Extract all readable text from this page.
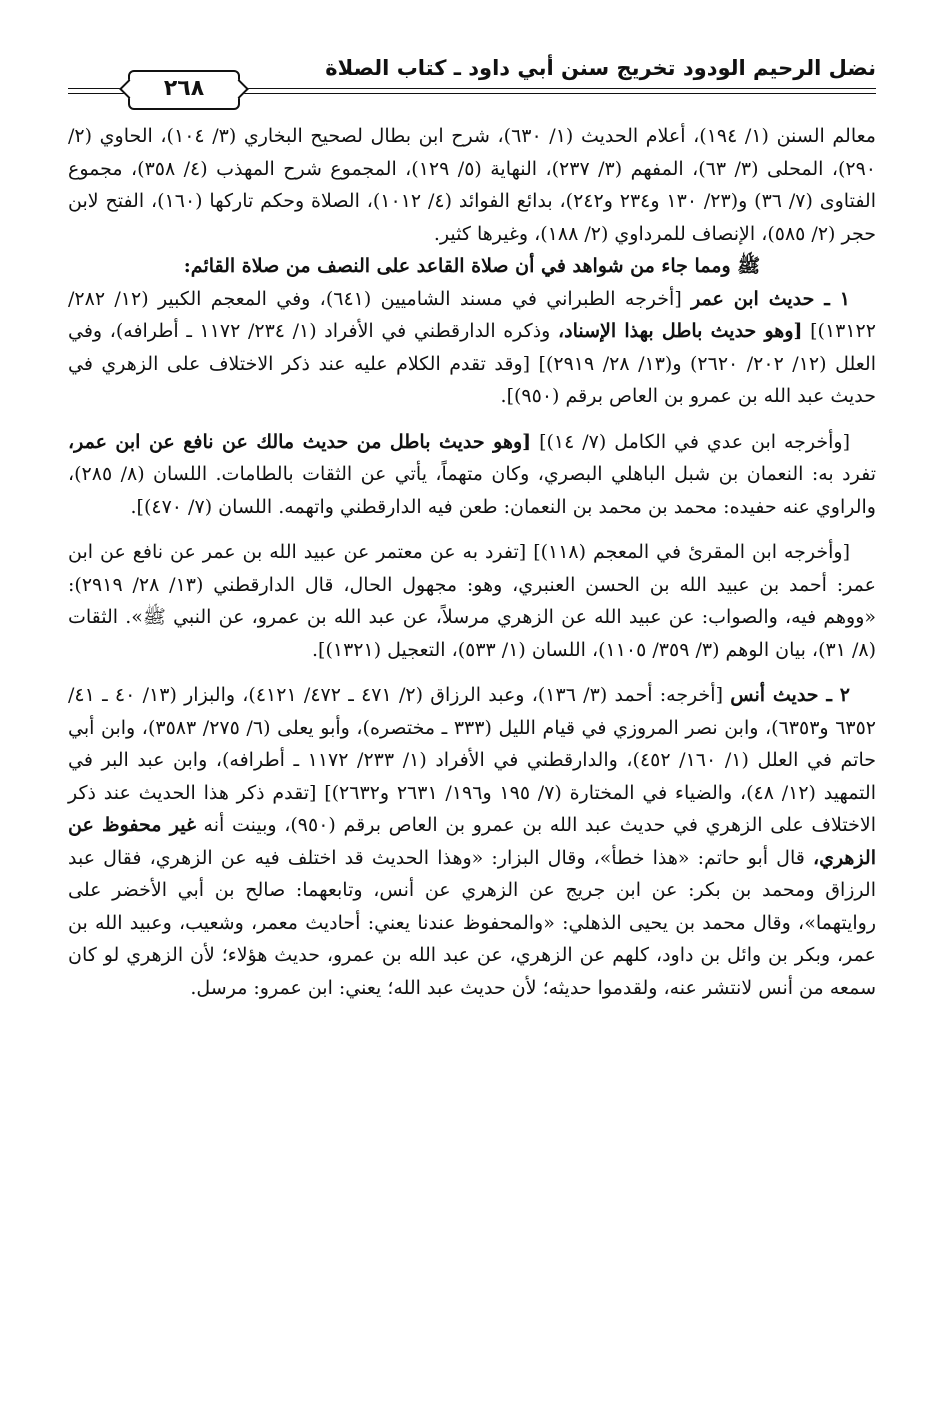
نضل الرحيم الودود تخريج سنن أبي داود ـ كتاب الصلاة
٢٦٨

معالم السنن (١/ ١٩٤)، أعلام الحديث (١/ ٦٣٠)، شرح ابن بطال لصحيح البخاري (٣/ ١٠٤)، الحاوي (٢/ ٢٩٠)، المحلى (٣/ ٦٣)، المفهم (٣/ ٢٣٧)، النهاية (٥/ ١٢٩)، المجموع شرح المهذب (٤/ ٣٥٨)، مجموع الفتاوى (٧/ ٣٦) و(٢٣/ ١٣٠ و٢٣٤ و٢٤٢)، بدائع الفوائد (٤/ ١٠١٢)، الصلاة وحكم تاركها (١٦٠)، الفتح لابن حجر (٢/ ٥٨٥)، الإنصاف للمرداوي (٢/ ١٨٨)، وغيرها كثير.

ﷺ ومما جاء من شواهد في أن صلاة القاعد على النصف من صلاة القائم:

١ ـ حديث ابن عمر [أخرجه الطبراني في مسند الشاميين (٦٤١)، وفي المعجم الكبير (١٢/ ٢٨٢/ ١٣١٢٢)] [وهو حديث باطل بهذا الإسناد، وذكره الدارقطني في الأفراد (١/ ٢٣٤/ ١١٧٢ ـ أطرافه)، وفي العلل (١٢/ ٢٠٢/ ٢٦٢٠) و(١٣/ ٢٨/ ٢٩١٩)] [وقد تقدم الكلام عليه عند ذكر الاختلاف على الزهري في حديث عبد الله بن عمرو بن العاص برقم (٩٥٠)].

[وأخرجه ابن عدي في الكامل (٧/ ١٤)] [وهو حديث باطل من حديث مالك عن نافع عن ابن عمر، تفرد به: النعمان بن شبل الباهلي البصري، وكان متهماً، يأتي عن الثقات بالطامات. اللسان (٨/ ٢٨٥)، والراوي عنه حفيده: محمد بن محمد بن النعمان: طعن فيه الدارقطني واتهمه. اللسان (٧/ ٤٧٠)].

[وأخرجه ابن المقرئ في المعجم (١١٨)] [تفرد به عن معتمر عن عبيد الله بن عمر عن نافع عن ابن عمر: أحمد بن عبيد الله بن الحسن العنبري، وهو: مجهول الحال، قال الدارقطني (١٣/ ٢٨/ ٢٩١٩): «ووهم فيه، والصواب: عن عبيد الله عن الزهري مرسلاً، عن عبد الله بن عمرو، عن النبي ﷺ». الثقات (٨/ ٣١)، بيان الوهم (٣/ ٣٥٩/ ١١٠٥)، اللسان (١/ ٥٣٣)، التعجيل (١٣٢١)].

٢ ـ حديث أنس [أخرجه: أحمد (٣/ ١٣٦)، وعبد الرزاق (٢/ ٤٧١ ـ ٤٧٢/ ٤١٢١)، والبزار (١٣/ ٤٠ ـ ٤١/ ٦٣٥٢ و٦٣٥٣)، وابن نصر المروزي في قيام الليل (٣٣٣ ـ مختصره)، وأبو يعلى (٦/ ٢٧٥/ ٣٥٨٣)، وابن أبي حاتم في العلل (١/ ١٦٠/ ٤٥٢)، والدارقطني في الأفراد (١/ ٢٣٣/ ١١٧٢ ـ أطرافه)، وابن عبد البر في التمهيد (١٢/ ٤٨)، والضياء في المختارة (٧/ ١٩٥ و١٩٦/ ٢٦٣١ و٢٦٣٢)] [تقدم ذكر هذا الحديث عند ذكر الاختلاف على الزهري في حديث عبد الله بن عمرو بن العاص برقم (٩٥٠)، وبينت أنه غير محفوظ عن الزهري، قال أبو حاتم: «هذا خطأ»، وقال البزار: «وهذا الحديث قد اختلف فيه عن الزهري، فقال عبد الرزاق ومحمد بن بكر: عن ابن جريج عن الزهري عن أنس، وتابعهما: صالح بن أبي الأخضر على روايتهما»، وقال محمد بن يحيى الذهلي: «والمحفوظ عندنا يعني: أحاديث معمر، وشعيب، وعبيد الله بن عمر، وبكر بن وائل بن داود، كلهم عن الزهري، عن عبد الله بن عمرو، حديث هؤلاء؛ لأن الزهري لو كان سمعه من أنس لانتشر عنه، ولقدموا حديثه؛ لأن حديث عبد الله؛ يعني: ابن عمرو: مرسل.
